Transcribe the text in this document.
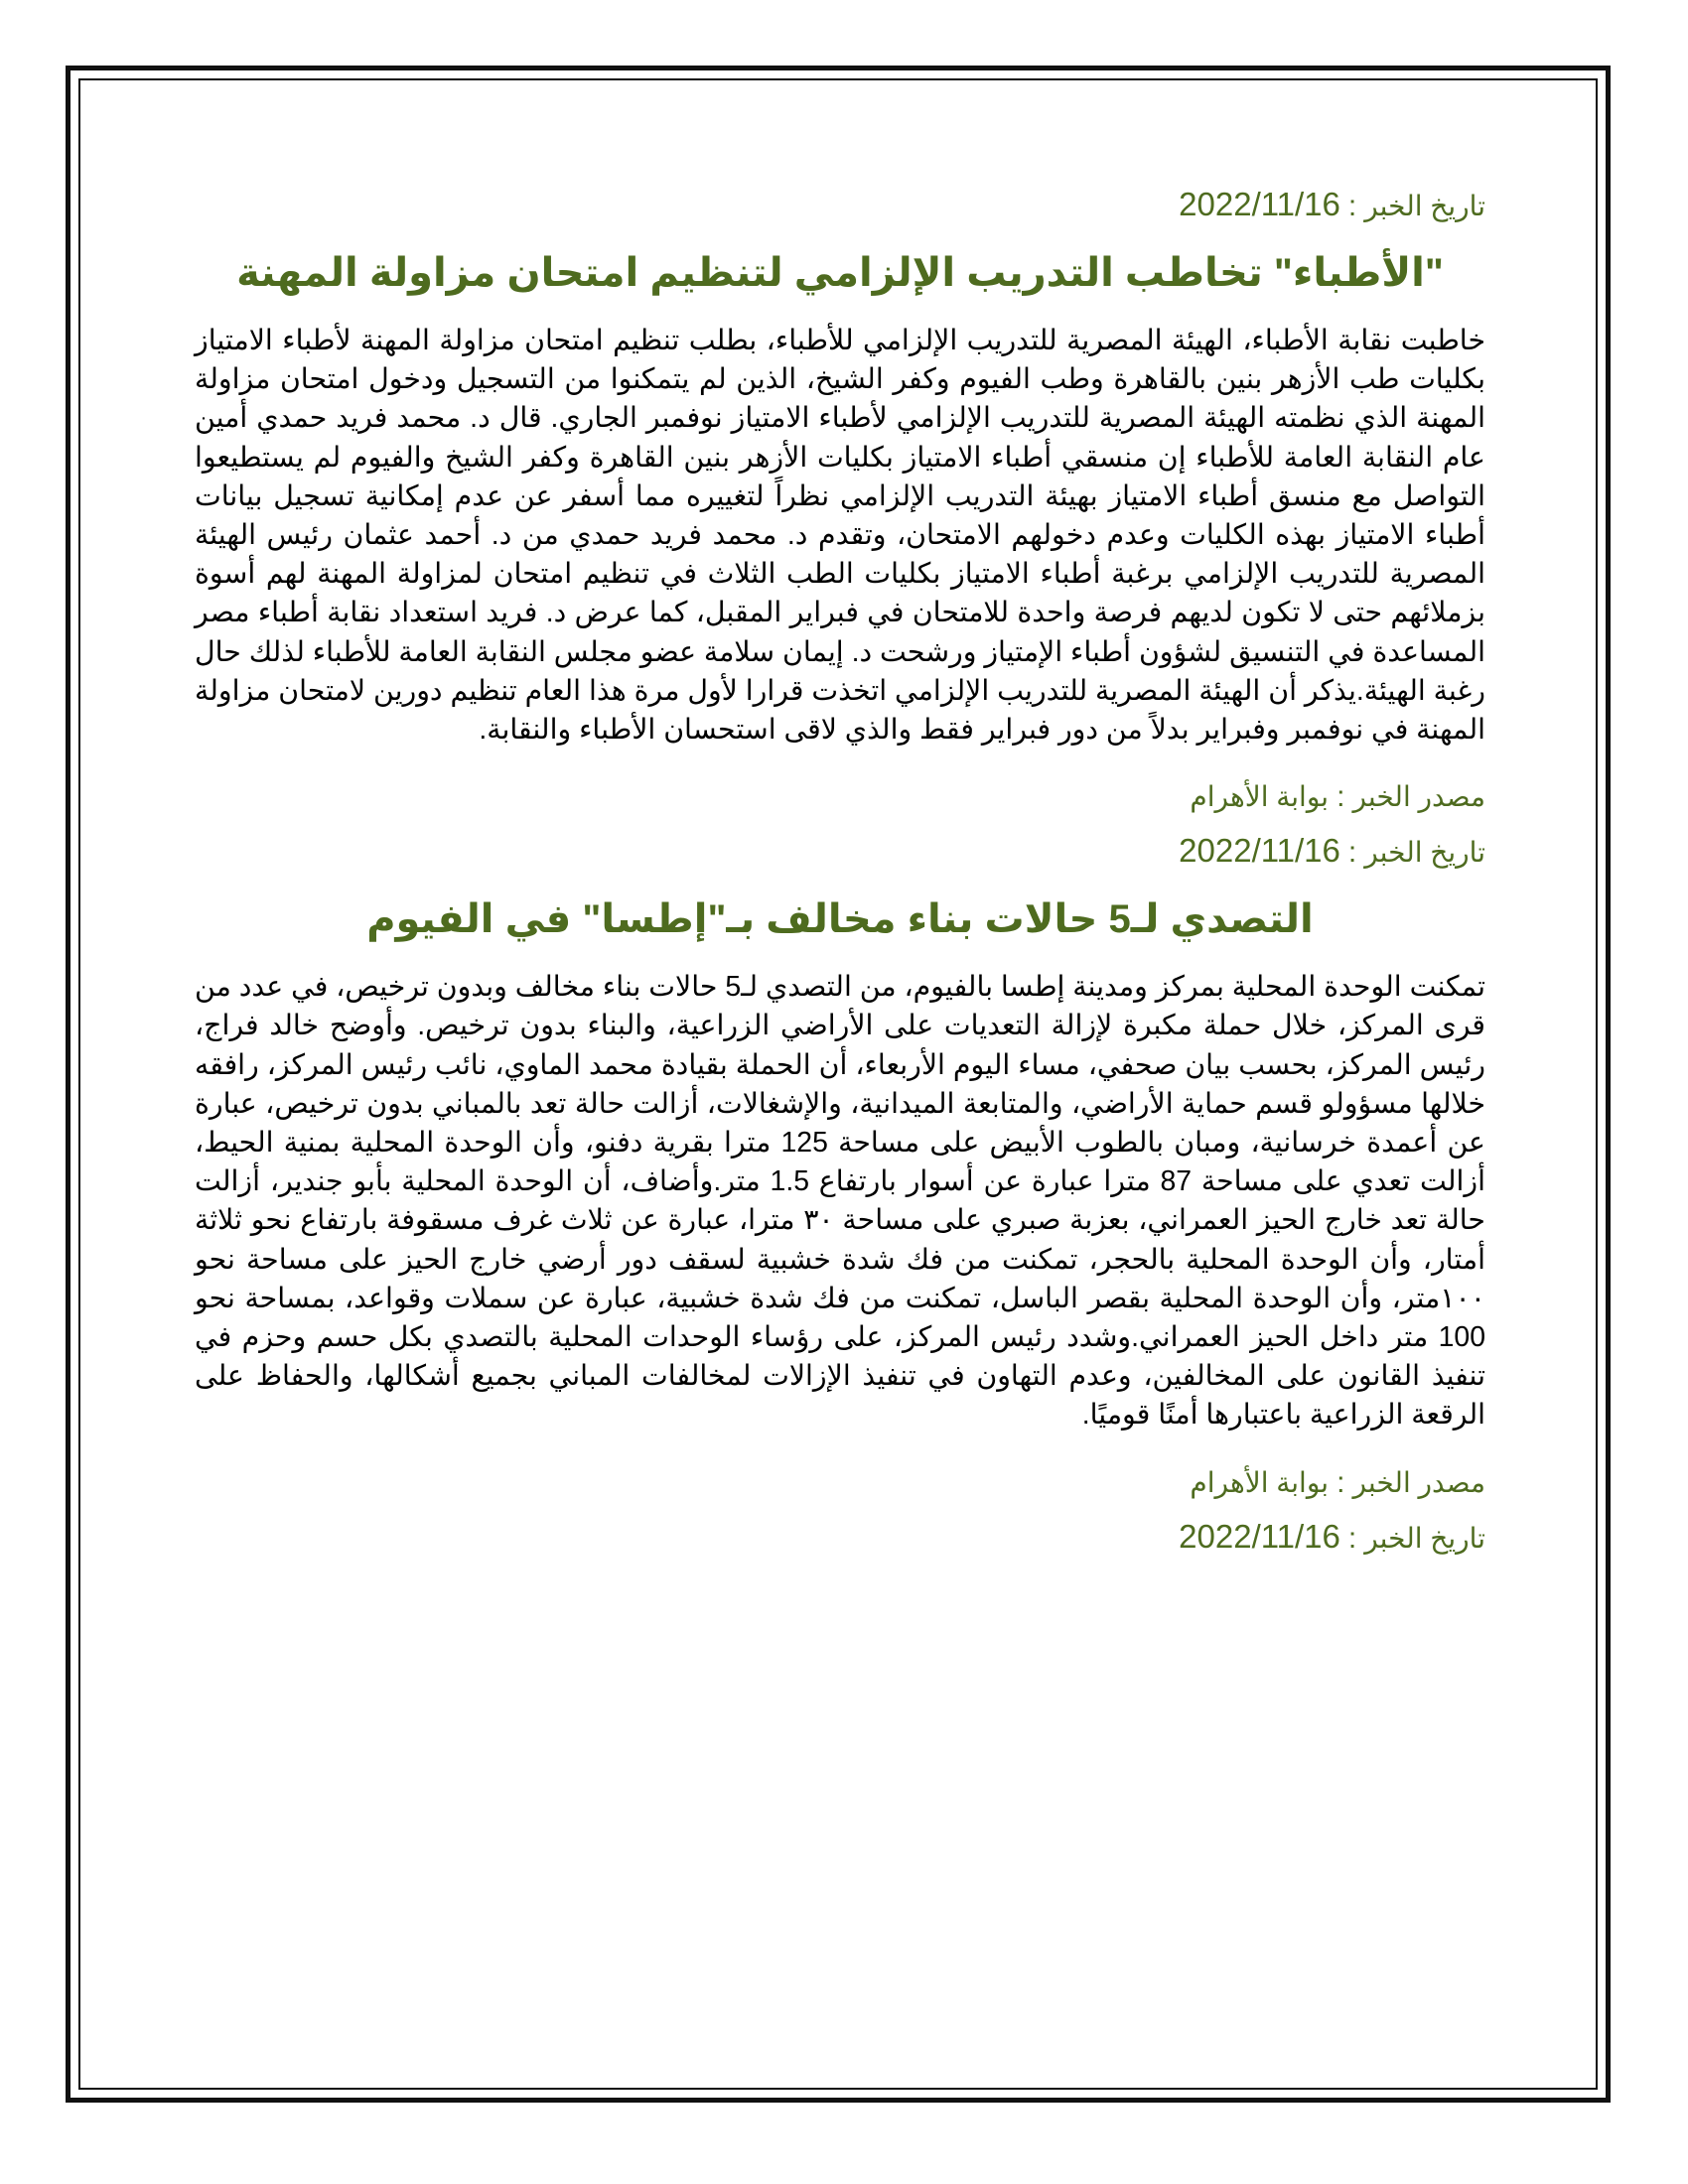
تاريخ الخبر:2022/11/16

"الأطباء" تخاطب التدريب الإلزامي لتنظيم امتحان مزاولة المهنة

خاطبت نقابة الأطباء، الهيئة المصرية للتدريب الإلزامي للأطباء، بطلب تنظيم امتحان مزاولة المهنة لأطباء الامتياز بكليات طب الأزهر بنين بالقاهرة وطب الفيوم وكفر الشيخ، الذين لم يتمكنوا من التسجيل ودخول امتحان مزاولة المهنة الذي نظمته الهيئة المصرية للتدريب الإلزامي لأطباء الامتياز نوفمبر الجاري. قال د. محمد فريد حمدي أمين عام النقابة العامة للأطباء إن منسقي أطباء الامتياز بكليات الأزهر بنين القاهرة وكفر الشيخ والفيوم لم يستطيعوا التواصل مع منسق أطباء الامتياز بهيئة التدريب الإلزامي نظراً لتغييره مما أسفر عن عدم إمكانية تسجيل بيانات أطباء الامتياز بهذه الكليات وعدم دخولهم الامتحان، وتقدم د. محمد فريد حمدي من د. أحمد عثمان رئيس الهيئة المصرية للتدريب الإلزامي برغبة أطباء الامتياز بكليات الطب الثلاث في تنظيم امتحان لمزاولة المهنة لهم أسوة بزملائهم حتى لا تكون لديهم فرصة واحدة للامتحان في فبراير المقبل، كما عرض د. فريد استعداد نقابة أطباء مصر المساعدة في التنسيق لشؤون أطباء الإمتياز ورشحت د. إيمان سلامة عضو مجلس النقابة العامة للأطباء لذلك حال رغبة الهيئة.يذكر أن الهيئة المصرية للتدريب الإلزامي اتخذت قرارا لأول مرة هذا العام تنظيم دورين لامتحان مزاولة المهنة في نوفمبر وفبراير بدلاً من دور فبراير فقط والذي لاقى استحسان الأطباء والنقابة.

مصدر الخبر:بوابة الأهرام

تاريخ الخبر:2022/11/16

التصدي لـ5 حالات بناء مخالف بـ"إطسا" في الفيوم

تمكنت الوحدة المحلية بمركز ومدينة إطسا بالفيوم، من التصدي لـ5 حالات بناء مخالف وبدون ترخيص، في عدد من قرى المركز، خلال حملة مكبرة لإزالة التعديات على الأراضي الزراعية، والبناء بدون ترخيص. وأوضح خالد فراج، رئيس المركز، بحسب بيان صحفي، مساء اليوم الأربعاء، أن الحملة بقيادة محمد الماوي، نائب رئيس المركز، رافقه خلالها مسؤولو قسم حماية الأراضي، والمتابعة الميدانية، والإشغالات، أزالت حالة تعد بالمباني بدون ترخيص، عبارة عن أعمدة خرسانية، ومبان بالطوب الأبيض على مساحة 125 مترا بقرية دفنو، وأن الوحدة المحلية بمنية الحيط، أزالت تعدي على مساحة 87 مترا عبارة عن أسوار بارتفاع 1.5 متر.وأضاف، أن الوحدة المحلية بأبو جندير، أزالت حالة تعد خارج الحيز العمراني، بعزبة صبري على مساحة ٣٠ مترا، عبارة عن ثلاث غرف مسقوفة بارتفاع نحو ثلاثة أمتار، وأن الوحدة المحلية بالحجر، تمكنت من فك شدة خشبية لسقف دور أرضي خارج الحيز على مساحة نحو ١٠٠متر، وأن الوحدة المحلية بقصر الباسل، تمكنت من فك شدة خشبية، عبارة عن سملات وقواعد، بمساحة نحو 100 متر داخل الحيز العمراني.وشدد رئيس المركز، على رؤساء الوحدات المحلية بالتصدي بكل حسم وحزم في تنفيذ القانون على المخالفين، وعدم التهاون في تنفيذ الإزالات لمخالفات المباني بجميع أشكالها، والحفاظ على الرقعة الزراعية باعتبارها أمنًا قوميًا.

مصدر الخبر:بوابة الأهرام

تاريخ الخبر:2022/11/16
